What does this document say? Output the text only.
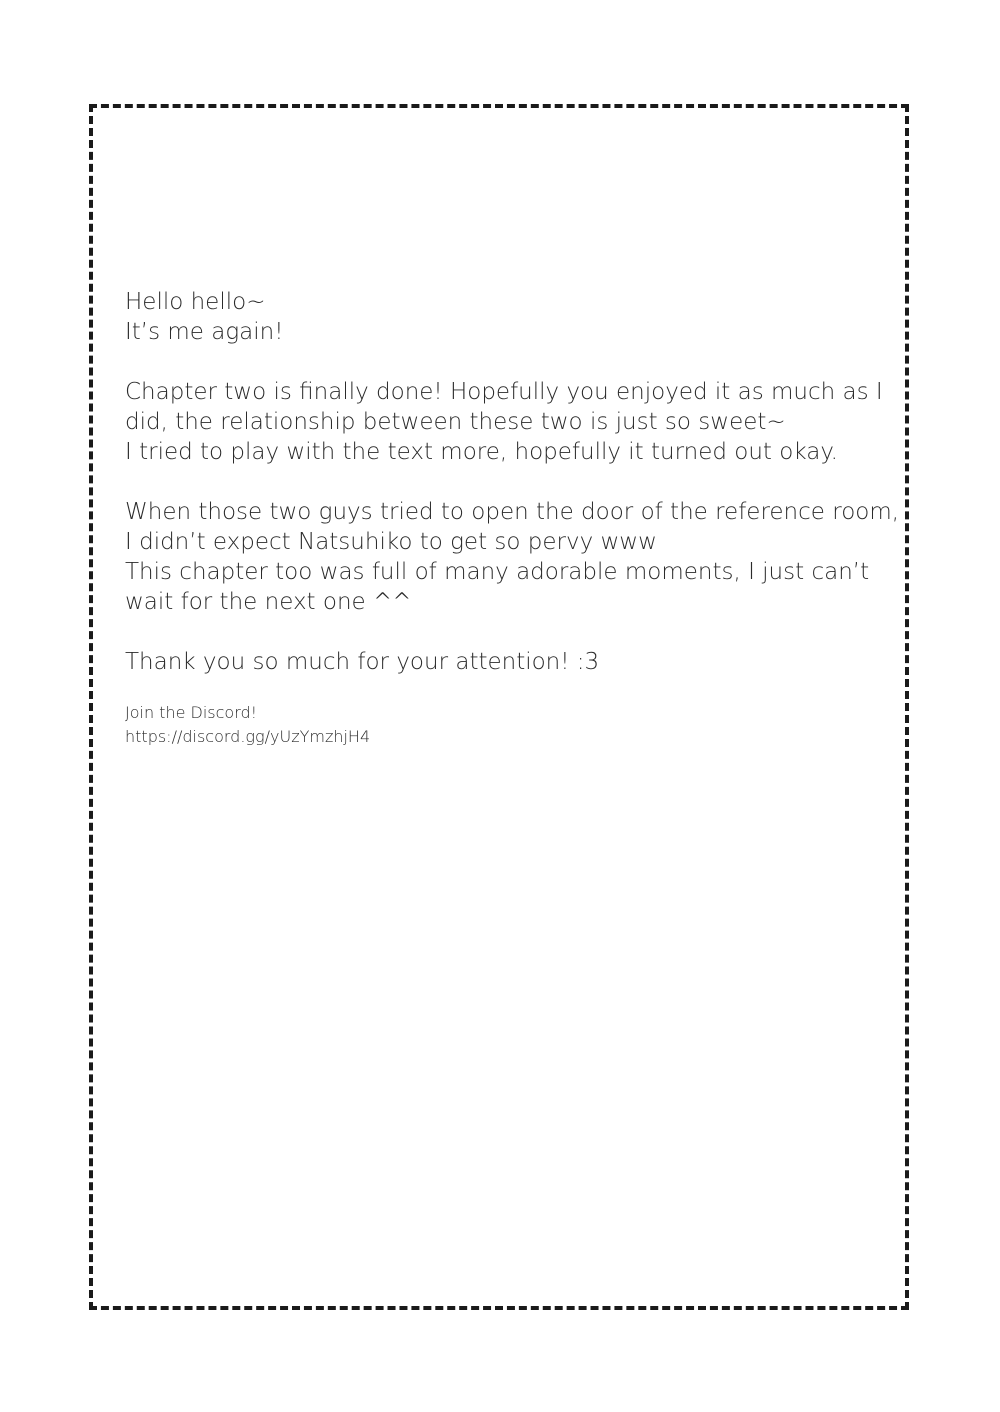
Hello hello~
It’s me again!
Chapter two is finally done! Hopefully you enjoyed it as much as I
did, the relationship between these two is just so sweet~
I tried to play with the text more, hopefully it turned out okay.
When those two guys tried to open the door of the reference room,
I didn’t expect Natsuhiko to get so pervy www
This chapter too was full of many adorable moments, I just can’t
wait for the next one ^^
Thank you so much for your attention! :3
Join the Discord!
https://discord.gg/yUzYmzhjH4
